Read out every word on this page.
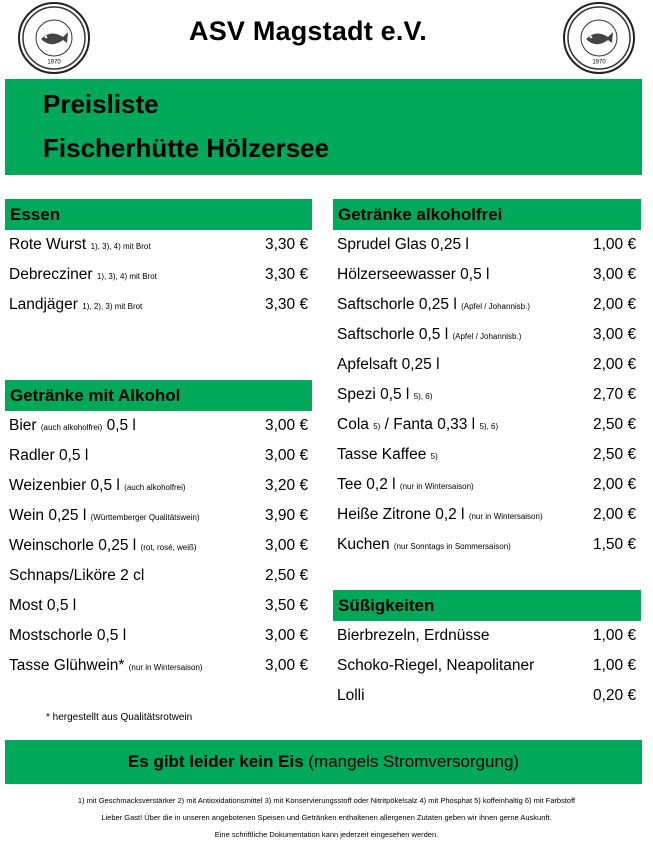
1970	1970
ASV Magstadt e.V.
Preisliste
Fischerhütte Hölzersee
Essen
Rote Wurst 1), 3), 4) mit Brot	3,30 €
Debrecziner 1), 3), 4) mit Brot	3,30 €
Landjäger 1), 2), 3) mit Brot	3,30 €
Getränke mit Alkohol
Bier (auch alkoholfrei) 0,5 l	3,00 €
Radler 0,5 l	3,00 €
Weizenbier 0,5 l (auch alkoholfrei)	3,20 €
Wein 0,25 l (Württemberger Qualitätswein)	3,90 €
Weinschorle 0,25 l (rot, rosé, weiß)	3,00 €
Schnaps/Liköre 2 cl	2,50 €
Most 0,5 l	3,50 €
Mostschorle 0,5 l	3,00 €
Tasse Glühwein* (nur in Wintersaison)	3,00 €
* hergestellt aus Qualitätsrotwein
Getränke alkoholfrei
Sprudel Glas 0,25 l	1,00 €
Hölzerseewasser 0,5 l	3,00 €
Saftschorle 0,25 l (Apfel / Johannisb.)	2,00 €
Saftschorle 0,5 l (Apfel / Johannisb.)	3,00 €
Apfelsaft 0,25 l	2,00 €
Spezi 0,5 l 5), 6)	2,70 €
Cola 5) / Fanta 0,33 l 5), 6)	2,50 €
Tasse Kaffee 5)	2,50 €
Tee 0,2 l (nur in Wintersaison)	2,00 €
Heiße Zitrone 0,2 l (nur in Wintersaison)	2,00 €
Kuchen (nur Sonntags in Sommersaison)	1,50 €
Süßigkeiten
Bierbrezeln, Erdnüsse	1,00 €
Schoko-Riegel, Neapolitaner	1,00 €
Lolli	0,20 €
Es gibt leider kein Eis (mangels Stromversorgung)
1) mit Geschmacksverstärker 2) mit Antioxidationsmittel 3) mit Konservierungsstoff oder Nitritpökelsalz 4) mit Phosphat 5) koffeinhaltig 6) mit Farbstoff
Lieber Gast! Über die in unseren angebotenen Speisen und Getränken enthaltenen allergenen Zutaten geben wir ihnen gerne Auskunft.
Eine schriftliche Dokumentation kann jederzeit eingesehen werden.
